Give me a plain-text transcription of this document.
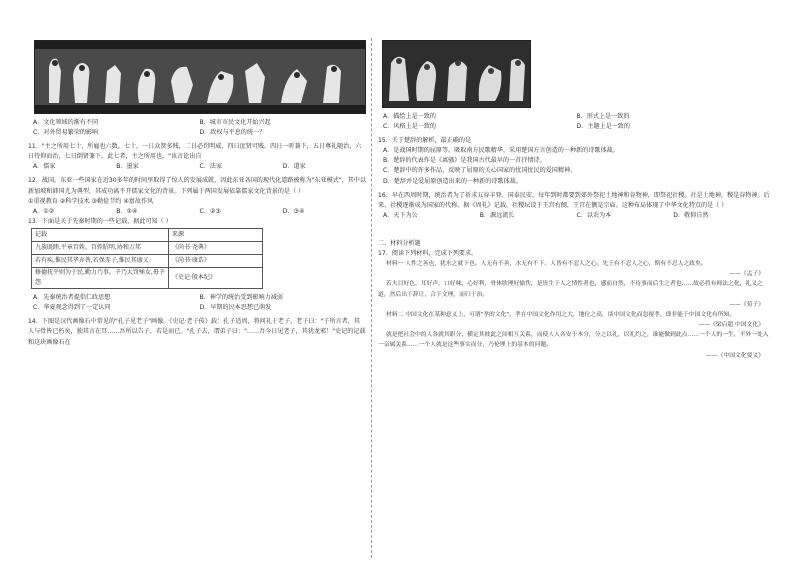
A．文化领域的渐有不同	B．城市市民文化开始兴起
C．对外贸易繁荣的影响	D．政权与平息的统一？

11．"主之所用七十，所雇也六数。七十，一日众贤多贱，二日必罚明威，四日庶贤可贱。四日一听兼下，五日尊礼随治，六日待仰而治，七日倒贤兼下。此七者，主之所用也。"该言论出自

A．儒家	B．墨家	C．法家	D．道家

12．战国，东亚一些国家在近30多年的时间里取得了惊人的发展成就，因此东亚各国的现代化道路被称为"东亚模式"，其中以新加坡和韩国尤为典型，其成功离不开儒家文化的背景。下列属于两国发展依靠儒家文化背景的是（ ）

①重视教育 ②科学技术 ③勤俭节约 ④富故作风

A．①②	B．①④	C．②③	D．③④

13．下面是关于先秦时期的一些记载，据此可知（ ）

记载	来源
九族既睦,平章百姓。百姓昭明,协和万邦	《尚书·尧典》
若有疾,惟民其毕弃咎,若保赤子,惟民其康乂	《尚书·康诰》
修德抚平则为于民,勤力乃事。予乃大罚殛女,毋予怨	《史记·殷本纪》
A．先秦统治者提倡仁政思想	B．神学的统治受到影响力减弱
C．华夏观念得到了一定认同	D．早期的民本思想已萌发

14．下图是汉代画像石中常见的"孔子见老子"画像。《史记·老子传》载：孔子适周，将问礼于老子，老子曰："子所言者，其人与骨皆已朽矣，独其言在耳……吾所以告子，若是而已。"孔子去，谓弟子曰："……吾今日见老子，其犹龙邪！"史记的记载和这块画像石在

A．描绘上是一致的	B．形式上是一致的
C．风格上是一致的	D．主题上是一致的

15．关于楚辞的解析，最正确的是

A．是战国时期的屈原等，吸取南方民歌精华，采用楚国方言创造的一种新的诗歌体裁。

B．楚辞的代表作是《离骚》是我国古代最早的一首抒情诗。

C．楚辞中的许多作品，反映了屈原的关心国家的忧国忧民的爱国精神。

D．楚辞并是爱屈原创造出来的一种新的诗歌体裁。

16．早在西周时期，统治者为了祈求五谷丰登、国泰民安，每年到时都要到郊外祭祀土地神和谷物神，即祭祀社稷。社是土地神，稷是谷物神。后来，社稷逐渐成为国家的代称。据《周礼》记载，社稷坛设于王宫右侧，王宫在侧是宗庙。这种布局体现了中华文化特点的是（ ）

A．天下为公	B．源远流长	C．以农为本	D．敬仰自然

二、材料分析题

17．阅读下列材料，完成下列要求。

材料一 人性之善也，犹水之就下也。人无有不善，水无有不下。人皆有不忍人之心。先王有不忍人之心，斯有不忍人之政矣。

——《孟子》

若夫目好色，耳好声，口好味，心好利，骨体肤理好愉佚，是皆生于人之情性者也，感而自然，不待事而后生之者也……故必将有师法之化，礼义之道，然后出于辞让，合于文理，而归于治。

——《荀子》

材料二 中国文化在某种意义上，可谓"孝的文化"。孝在中国文化作用之大，地位之高，谈中国文化而忽视孝，即非能于中国文化有所知。

——《梁启超 中国文化》

就是把社会中的人各就其职分，横定其彼此之间相互关系，而使人人各安于本分，分之以礼，以礼约之，谁能做到此点……一个人的一生，不外一处入一亲属关系……一个人就是这些事实而分，乃伦理上的基本的问题。

——《中国文化要义》
